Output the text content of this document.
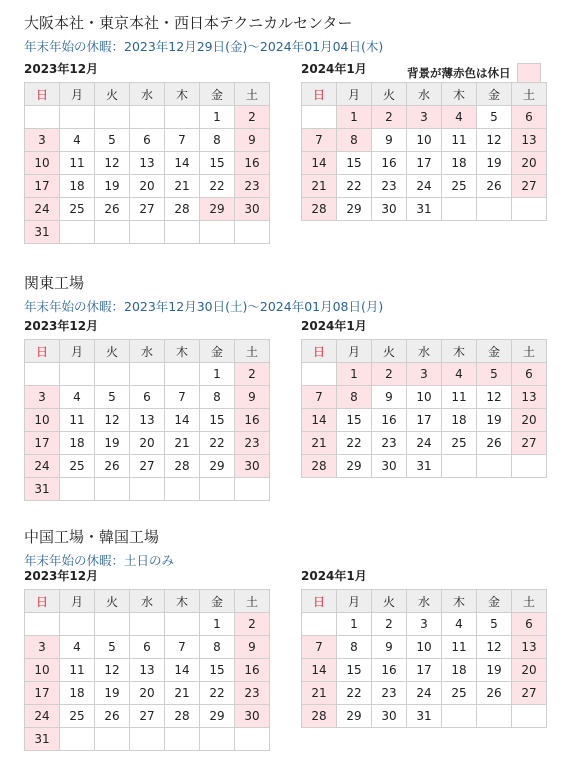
大阪本社・東京本社・西日本テクニカルセンター
年末年始の休暇：2023年12月29日(金)～2024年01月04日(木)
背景が薄赤色は休日
2023年12月
日	月	火	水	木	金	土
					1	2
3	4	5	6	7	8	9
10	11	12	13	14	15	16
17	18	19	20	21	22	23
24	25	26	27	28	29	30
31						
2024年1月
日	月	火	水	木	金	土
	1	2	3	4	5	6
7	8	9	10	11	12	13
14	15	16	17	18	19	20
21	22	23	24	25	26	27
28	29	30	31			
関東工場
年末年始の休暇：2023年12月30日(土)～2024年01月08日(月)
2023年12月
日	月	火	水	木	金	土
					1	2
3	4	5	6	7	8	9
10	11	12	13	14	15	16
17	18	19	20	21	22	23
24	25	26	27	28	29	30
31						
2024年1月
日	月	火	水	木	金	土
	1	2	3	4	5	6
7	8	9	10	11	12	13
14	15	16	17	18	19	20
21	22	23	24	25	26	27
28	29	30	31			
中国工場・韓国工場
年末年始の休暇：土日のみ
2023年12月
日	月	火	水	木	金	土
					1	2
3	4	5	6	7	8	9
10	11	12	13	14	15	16
17	18	19	20	21	22	23
24	25	26	27	28	29	30
31						
2024年1月
日	月	火	水	木	金	土
	1	2	3	4	5	6
7	8	9	10	11	12	13
14	15	16	17	18	19	20
21	22	23	24	25	26	27
28	29	30	31			
